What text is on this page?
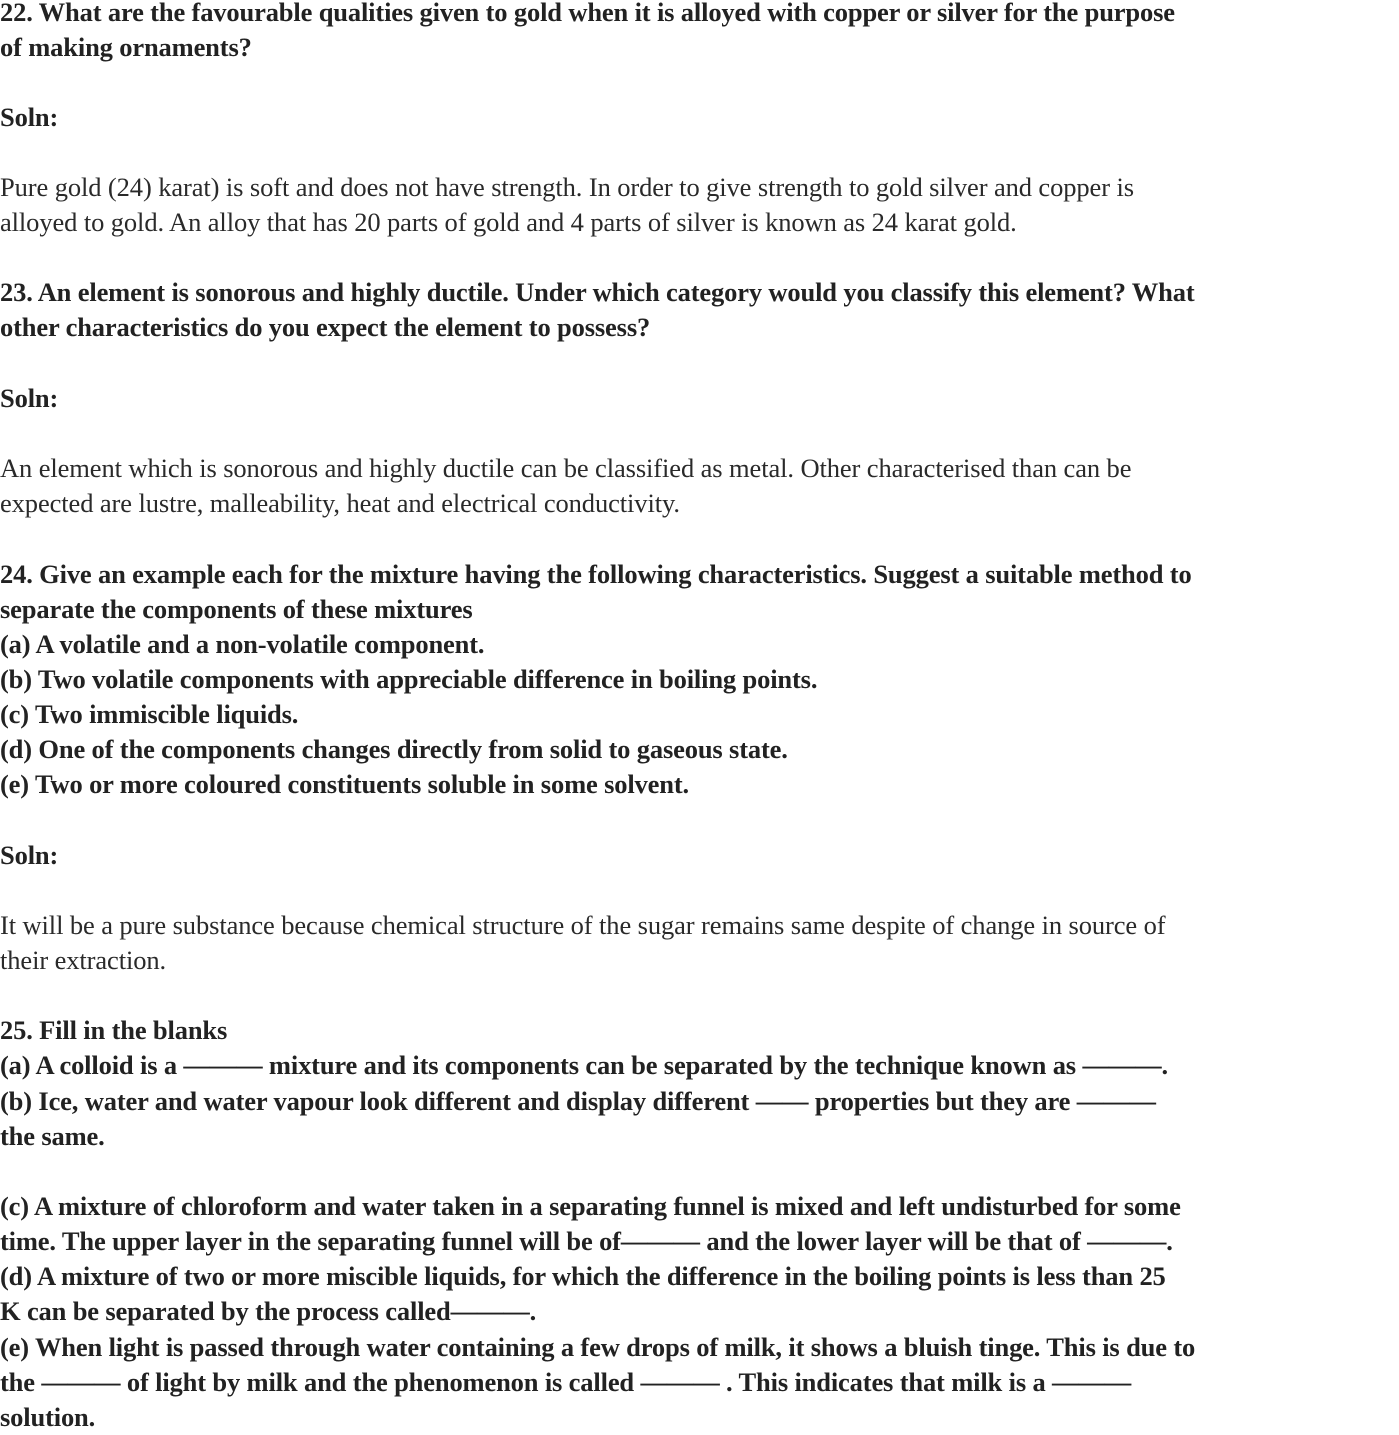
22. What are the favourable qualities given to gold when it is alloyed with copper or silver for the purpose
of making ornaments?
Soln:
Pure gold (24) karat) is soft and does not have strength. In order to give strength to gold silver and copper is
alloyed to gold. An alloy that has 20 parts of gold and 4 parts of silver is known as 24 karat gold.
23. An element is sonorous and highly ductile. Under which category would you classify this element? What
other characteristics do you expect the element to possess?
Soln:
An element which is sonorous and highly ductile can be classified as metal. Other characterised than can be
expected are lustre, malleability, heat and electrical conductivity.
24. Give an example each for the mixture having the following characteristics. Suggest a suitable method to
separate the components of these mixtures
(a) A volatile and a non-volatile component.
(b) Two volatile components with appreciable difference in boiling points.
(c) Two immiscible liquids.
(d) One of the components changes directly from solid to gaseous state.
(e) Two or more coloured constituents soluble in some solvent.
Soln:
It will be a pure substance because chemical structure of the sugar remains same despite of change in source of
their extraction.
25. Fill in the blanks
(a) A colloid is a ——— mixture and its components can be separated by the technique known as ———.
(b) Ice, water and water vapour look different and display different —— properties but they are ———
the same.
(c) A mixture of chloroform and water taken in a separating funnel is mixed and left undisturbed for some
time. The upper layer in the separating funnel will be of——— and the lower layer will be that of ———.
(d) A mixture of two or more miscible liquids, for which the difference in the boiling points is less than 25
K can be separated by the process called———.
(e) When light is passed through water containing a few drops of milk, it shows a bluish tinge. This is due to
the ——— of light by milk and the phenomenon is called ——— . This indicates that milk is a ———
solution.
